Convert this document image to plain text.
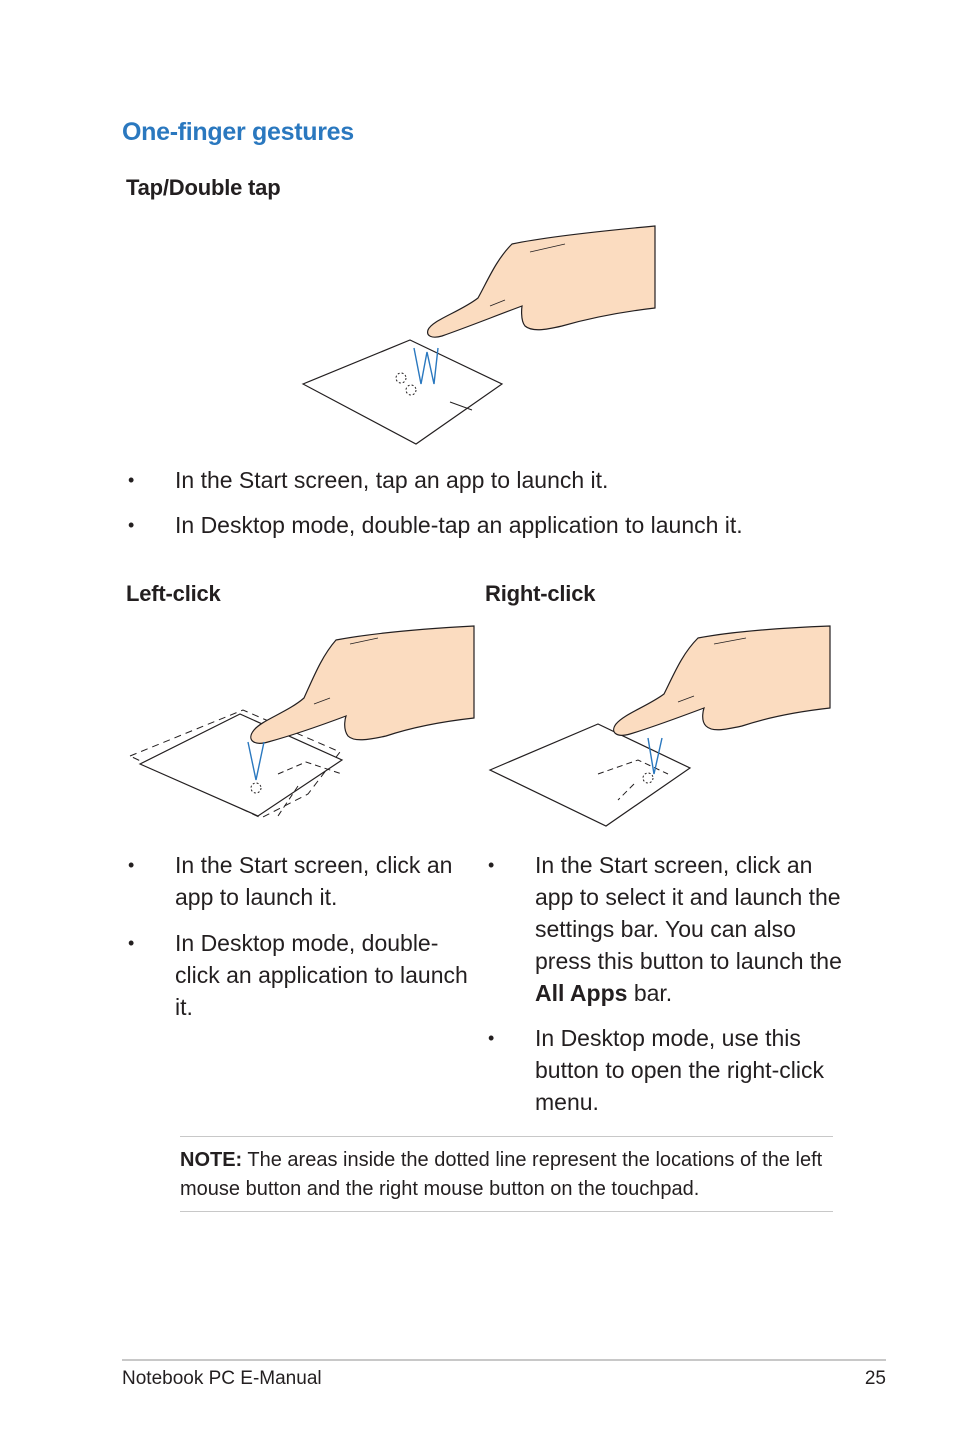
One-finger gestures
Tap/Double tap
• In the Start screen, tap an app to launch it.
• In Desktop mode, double-tap an application to launch it.
Left-click
• In the Start screen, click an app to launch it.
• In Desktop mode, double-click an application to launch it.
Right-click
• In the Start screen, click an app to select it and launch the settings bar. You can also press this button to launch the All Apps bar.
• In Desktop mode, use this button to open the right-click menu.
NOTE: The areas inside the dotted line represent the locations of the left mouse button and the right mouse button on the touchpad.
Notebook PC E-Manual	25
